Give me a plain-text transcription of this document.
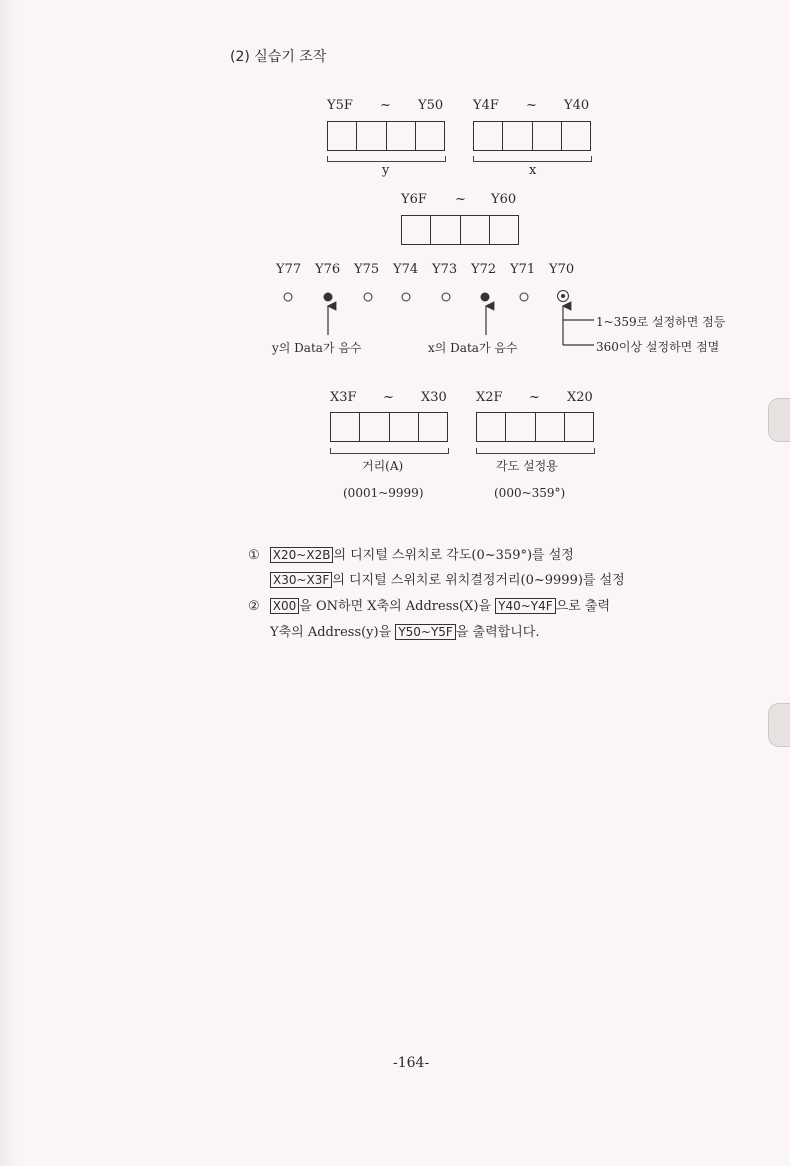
(2) 실습기 조작
Y5F ~ Y50 Y4F ~ Y40
y	x
Y6F ~ Y60
Y77 Y76 Y75 Y74 Y73 Y72 Y71 Y70
y의 Data가 음수	x의 Data가 음수
1~359로 설정하면 점등
360이상 설정하면 점멸
X3F ~ X30 X2F ~ X20
거리(A)	각도 설정용
(0001~9999)	(000~359°)
① X20~X2B 의 디지털 스위치로 각도(0~359°)를 설정
X30~X3F 의 디지털 스위치로 위치결정거리(0~9999)를 설정
② X00 을 ON하면 X축의 Address(X)을 Y40~Y4F 으로 출력
Y축의 Address(y)을 Y50~Y5F 을 출력합니다.
-164-
